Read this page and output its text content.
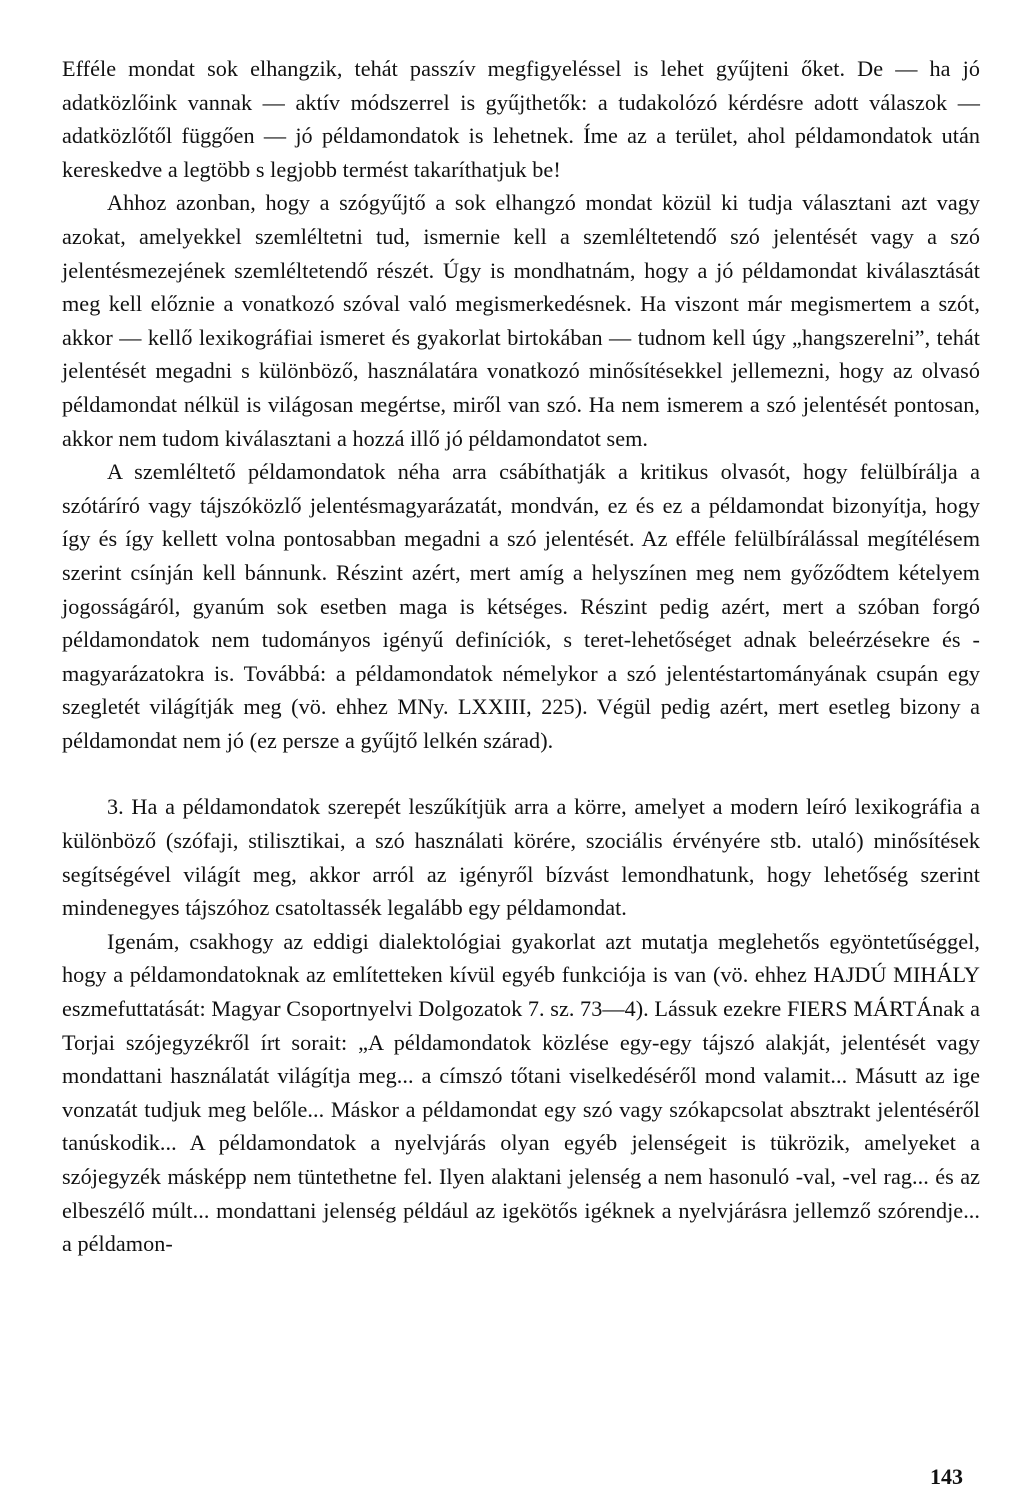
Efféle mondat sok elhangzik, tehát passzív megfigyeléssel is lehet gyűjteni őket. De — ha jó adatközlőink vannak — aktív módszerrel is gyűjthetők: a tudakolózó kérdésre adott válaszok — adatközlőtől függően — jó példamondatok is lehetnek. Íme az a terület, ahol példamondatok után kereskedve a legtöbb s legjobb termést takaríthatjuk be!

Ahhoz azonban, hogy a szógyűjtő a sok elhangzó mondat közül ki tudja választani azt vagy azokat, amelyekkel szemléltetni tud, ismernie kell a szemléltetendő szó jelentését vagy a szó jelentésmezejének szemléltetendő részét. Úgy is mondhatnám, hogy a jó példamondat kiválasztását meg kell előznie a vonatkozó szóval való megismerkedésnek. Ha viszont már megismertem a szót, akkor — kellő lexikográfiai ismeret és gyakorlat birtokában — tudnom kell úgy „hangszerelni”, tehát jelentését megadni s különböző, használatára vonatkozó minősítésekkel jellemezni, hogy az olvasó példamondat nélkül is világosan megértse, miről van szó. Ha nem ismerem a szó jelentését pontosan, akkor nem tudom kiválasztani a hozzá illő jó példamondatot sem.

A szemléltető példamondatok néha arra csábíthatják a kritikus olvasót, hogy felülbírálja a szótáríró vagy tájszóközlő jelentésmagyarázatát, mondván, ez és ez a példamondat bizonyítja, hogy így és így kellett volna pontosabban megadni a szó jelentését. Az efféle felülbírálással megítélésem szerint csínján kell bánnunk. Részint azért, mert amíg a helyszínen meg nem győződtem kételyem jogosságáról, gyanúm sok esetben maga is kétséges. Részint pedig azért, mert a szóban forgó példamondatok nem tudományos igényű definíciók, s teret-lehetőséget adnak beleérzésekre és -magyarázatokra is. Továbbá: a példamondatok némelykor a szó jelentéstartományának csupán egy szegletét világítják meg (vö. ehhez MNy. LXXIII, 225). Végül pedig azért, mert esetleg bizony a példamondat nem jó (ez persze a gyűjtő lelkén szárad).

3. Ha a példamondatok szerepét leszűkítjük arra a körre, amelyet a modern leíró lexikográfia a különböző (szófaji, stilisztikai, a szó használati körére, szociális érvényére stb. utaló) minősítések segítségével világít meg, akkor arról az igényről bízvást lemondhatunk, hogy lehetőség szerint mindenegyes tájszóhoz csatoltassék legalább egy példamondat.

Igenám, csakhogy az eddigi dialektológiai gyakorlat azt mutatja meglehetős egyöntetűséggel, hogy a példamondatoknak az említetteken kívül egyéb funkciója is van (vö. ehhez HAJDÚ MIHÁLY eszmefuttatását: Magyar Csoportnyelvi Dolgozatok 7. sz. 73—4). Lássuk ezekre FIERS MÁRTÁnak a Torjai szójegyzékről írt sorait: „A példamondatok közlése egy-egy tájszó alakját, jelentését vagy mondattani használatát világítja meg... a címszó tőtani viselkedéséről mond valamit... Másutt az ige vonzatát tudjuk meg belőle... Máskor a példamondat egy szó vagy szókapcsolat absztrakt jelentéséről tanúskodik... A példamondatok a nyelvjárás olyan egyéb jelenségeit is tükrözik, amelyeket a szójegyzék másképp nem tüntethetne fel. Ilyen alaktani jelenség a nem hasonuló -val, -vel rag... és az elbeszélő múlt... mondattani jelenség például az igekötős igéknek a nyelvjárásra jellemző szórendje... a példamon-

143
